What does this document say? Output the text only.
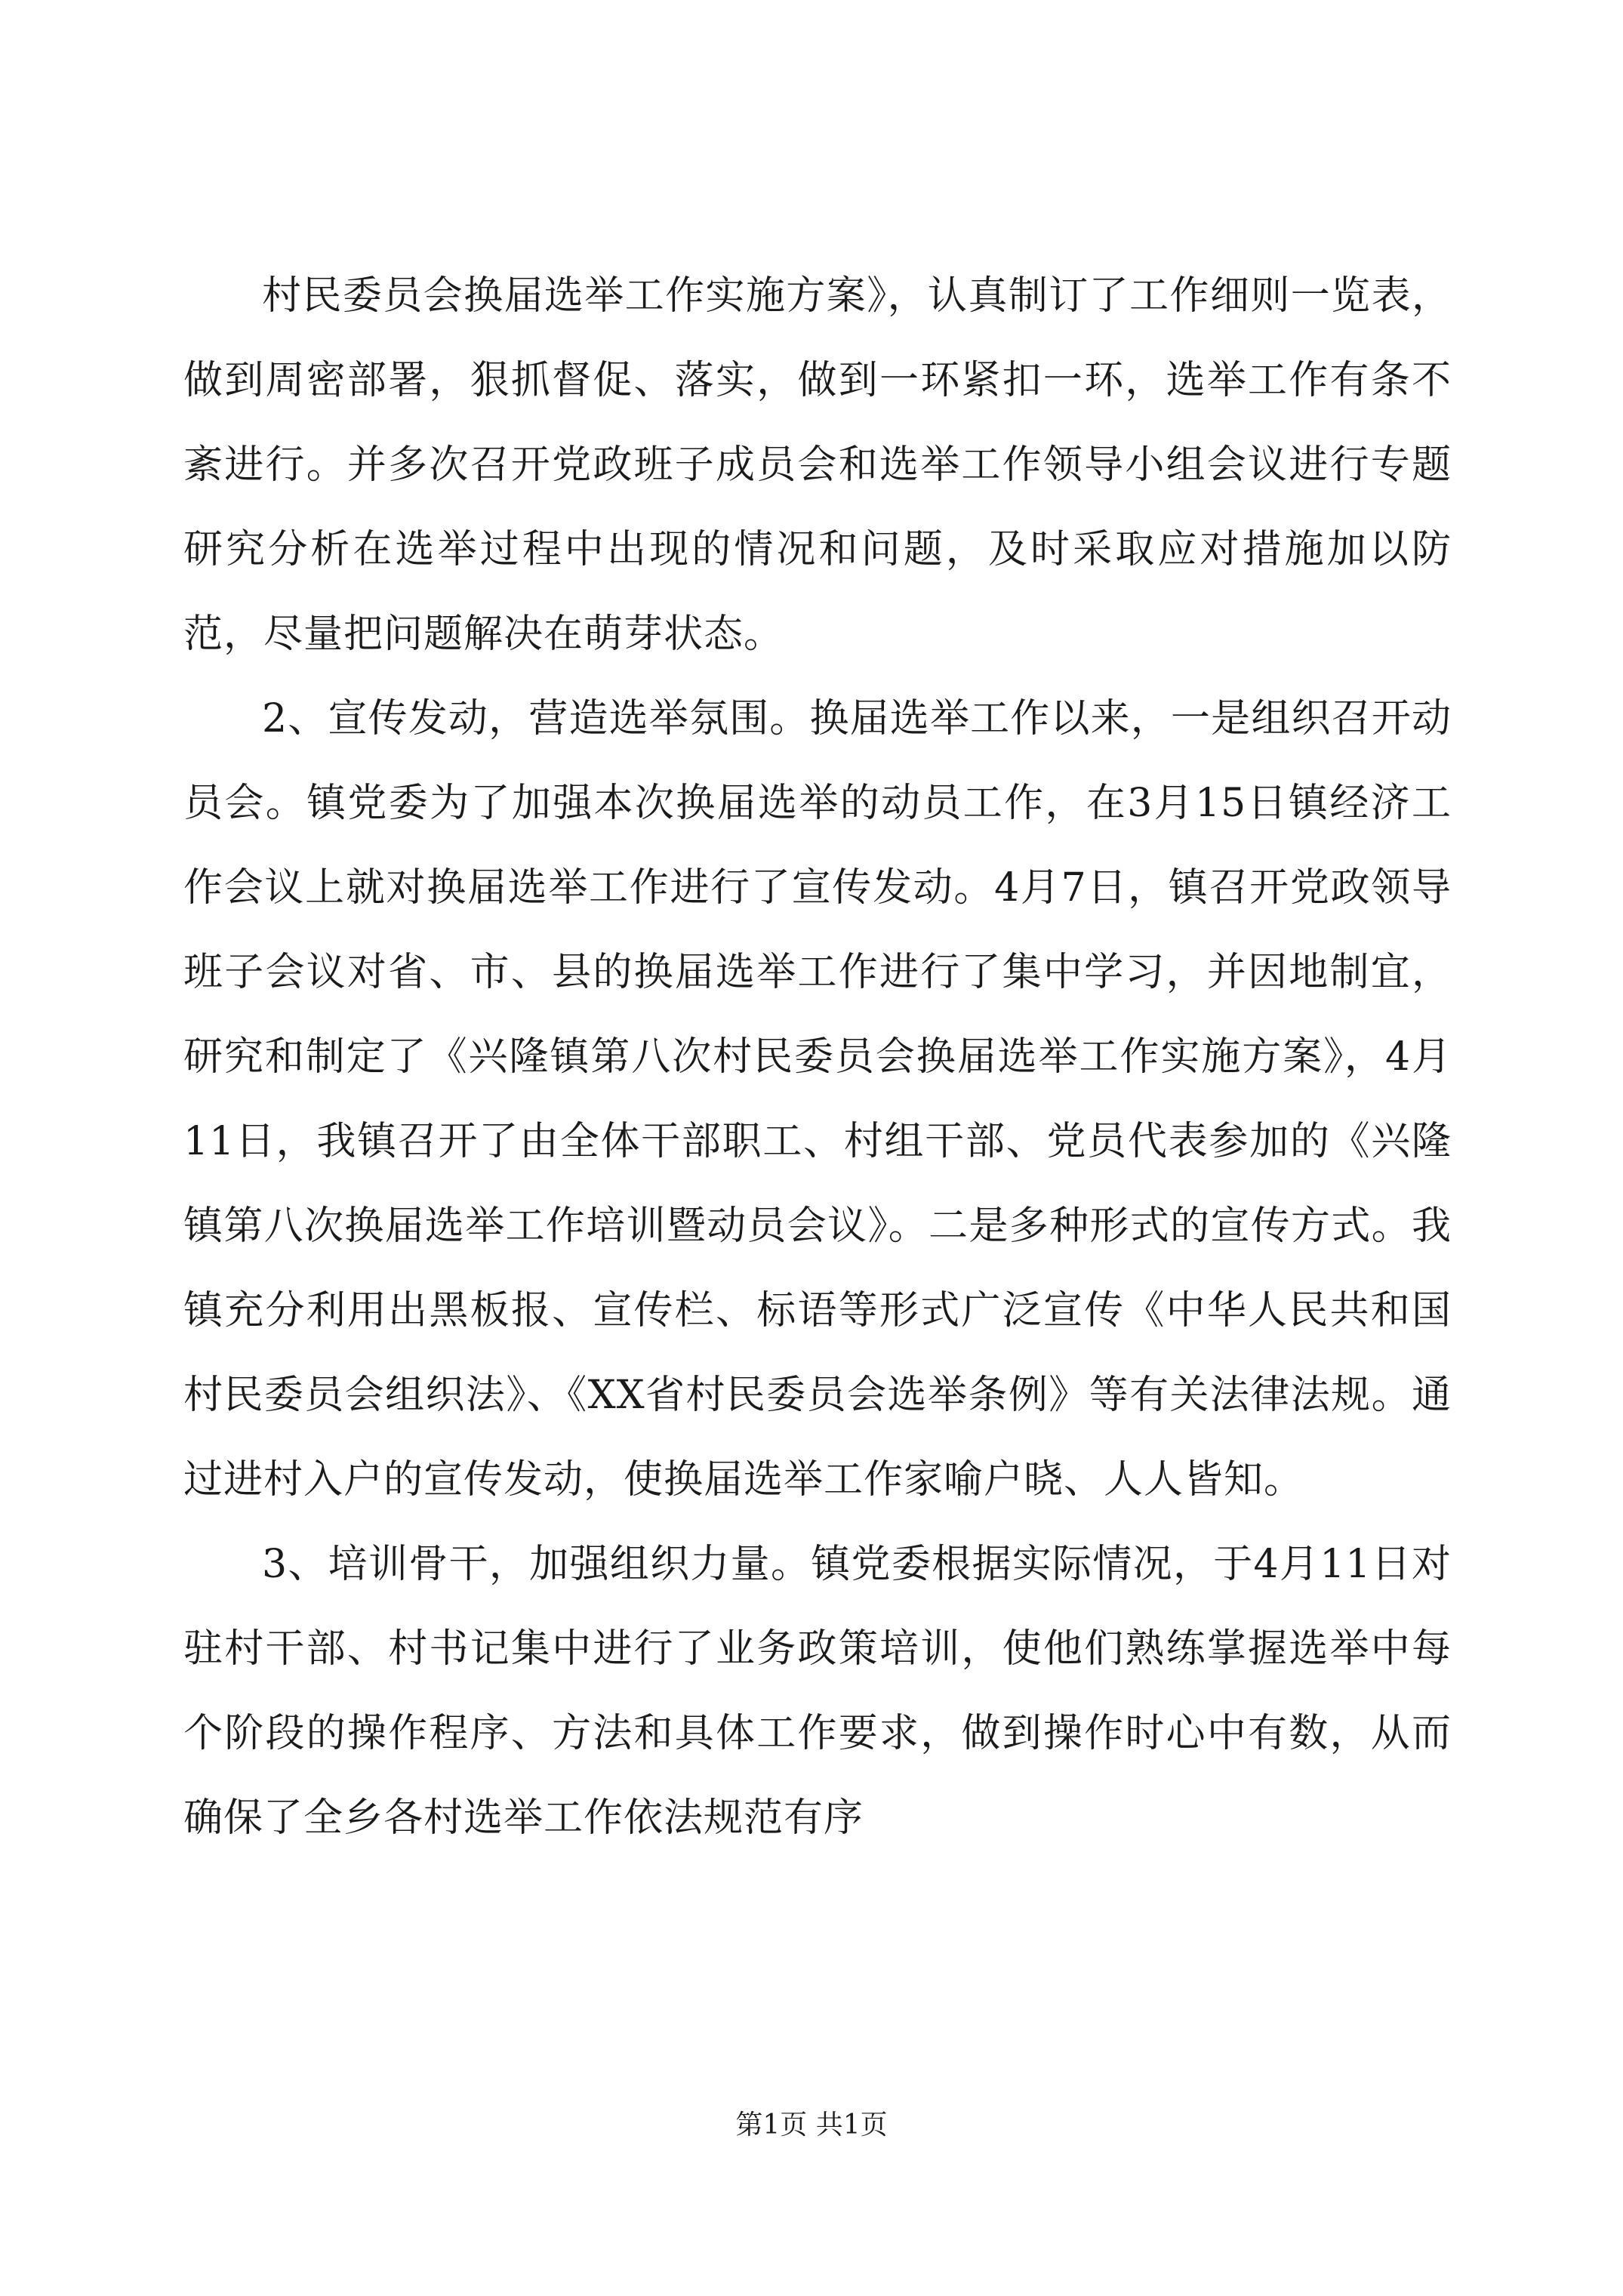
村民委员会换届选举工作实施方案》，认真制订了工作细则一览表，做到周密部署，狠抓督促、落实，做到一环紧扣一环，选举工作有条不紊进行。并多次召开党政班子成员会和选举工作领导小组会议进行专题研究分析在选举过程中出现的情况和问题，及时采取应对措施加以防范，尽量把问题解决在萌芽状态。

2、宣传发动，营造选举氛围。换届选举工作以来，一是组织召开动员会。镇党委为了加强本次换届选举的动员工作，在3月15日镇经济工作会议上就对换届选举工作进行了宣传发动。4月7日，镇召开党政领导班子会议对省、市、县的换届选举工作进行了集中学习，并因地制宜，研究和制定了《兴隆镇第八次村民委员会换届选举工作实施方案》，4月11日，我镇召开了由全体干部职工、村组干部、党员代表参加的《兴隆镇第八次换届选举工作培训暨动员会议》。二是多种形式的宣传方式。我镇充分利用出黑板报、宣传栏、标语等形式广泛宣传《中华人民共和国村民委员会组织法》、《XX省村民委员会选举条例》等有关法律法规。通过进村入户的宣传发动，使换届选举工作家喻户晓、人人皆知。

3、培训骨干，加强组织力量。镇党委根据实际情况，于4月11日对驻村干部、村书记集中进行了业务政策培训，使他们熟练掌握选举中每个阶段的操作程序、方法和具体工作要求，做到操作时心中有数，从而确保了全乡各村选举工作依法规范有序

第1页 共1页
